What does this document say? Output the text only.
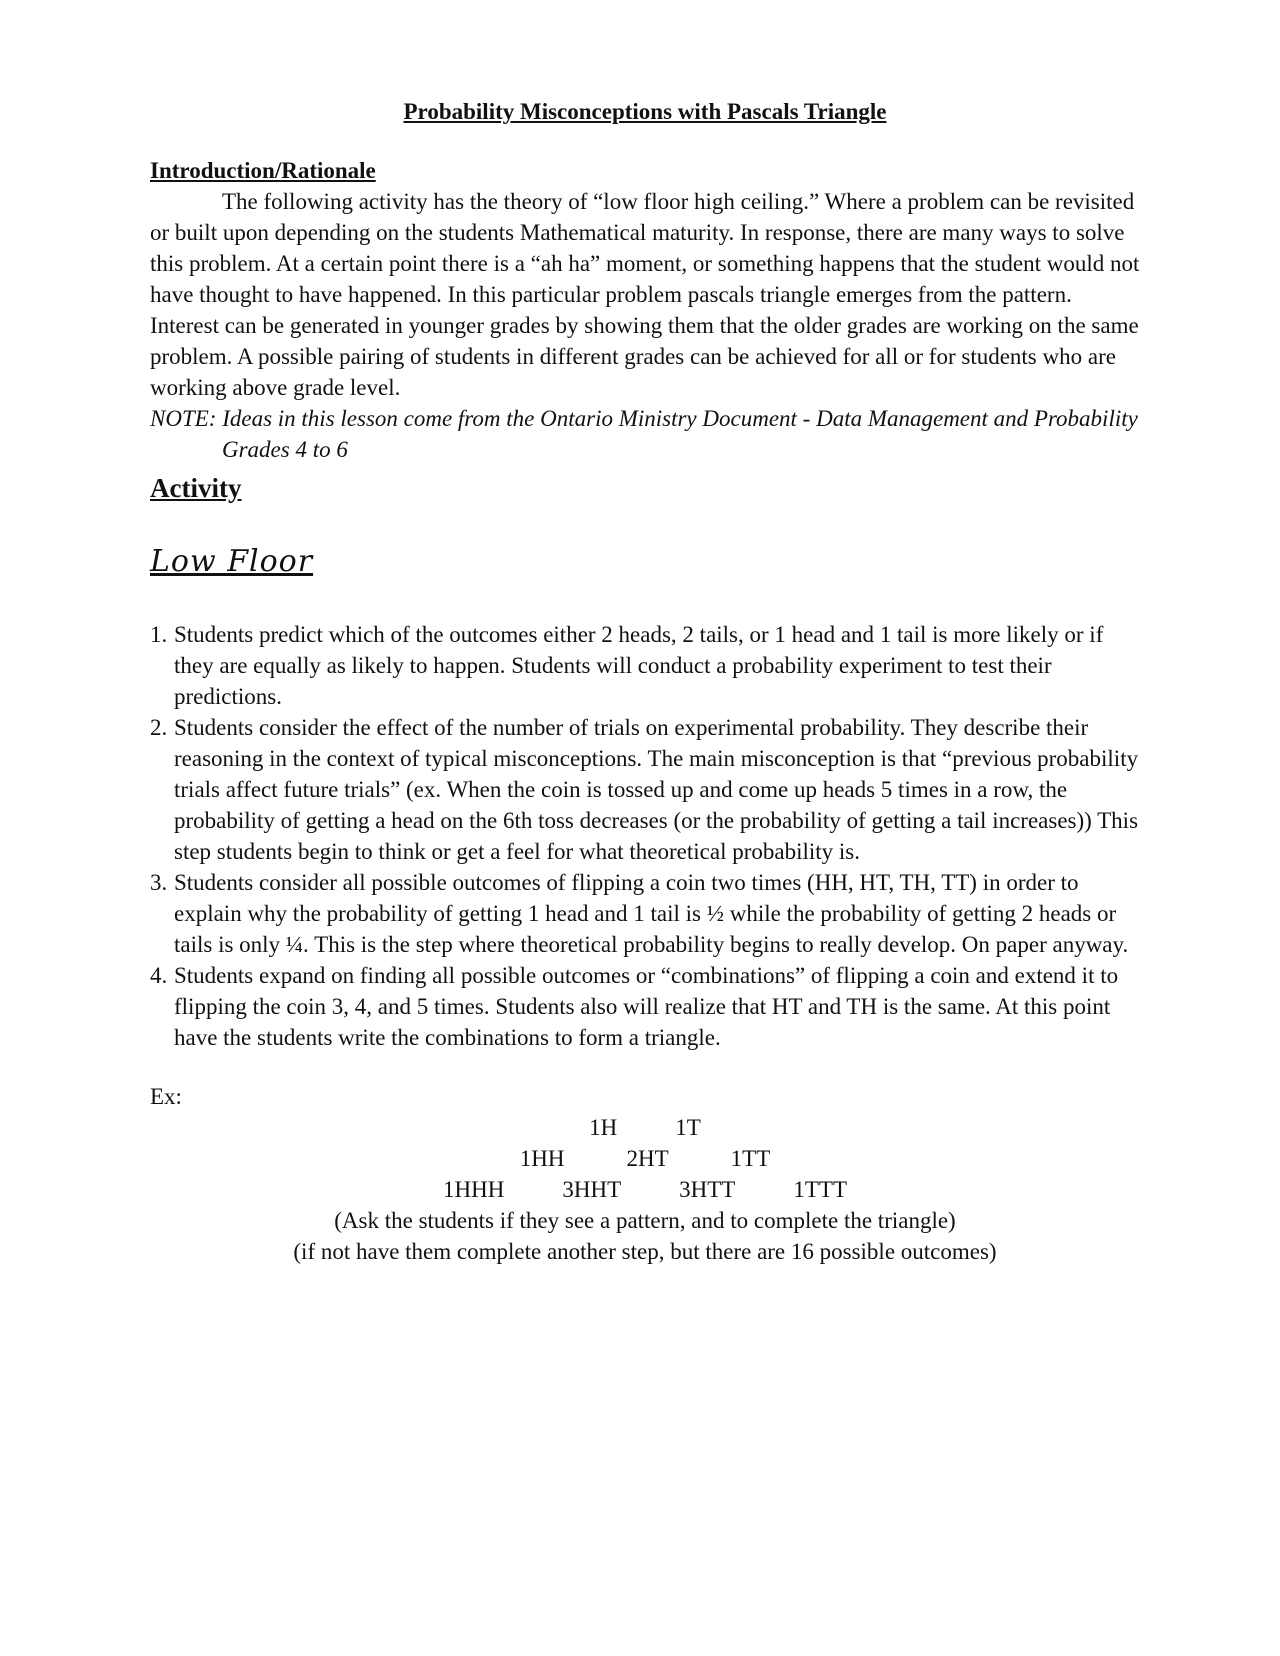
Probability Misconceptions with Pascals Triangle

Introduction/Rationale

The following activity has the theory of “low floor high ceiling.” Where a problem can be revisited or built upon depending on the students Mathematical maturity. In response, there are many ways to solve this problem. At a certain point there is a “ah ha” moment, or something happens that the student would not have thought to have happened. In this particular problem pascals triangle emerges from the pattern. Interest can be generated in younger grades by showing them that the older grades are working on the same problem. A possible pairing of students in different grades can be achieved for all or for students who are working above grade level.

NOTE: Ideas in this lesson come from the Ontario Ministry Document - Data Management and Probability Grades 4 to 6

Activity

Low Floor

1. Students predict which of the outcomes either 2 heads, 2 tails, or 1 head and 1 tail is more likely or if they are equally as likely to happen. Students will conduct a probability experiment to test their predictions.
2. Students consider the effect of the number of trials on experimental probability. They describe their reasoning in the context of typical misconceptions. The main misconception is that “previous probability trials affect future trials” (ex. When the coin is tossed up and come up heads 5 times in a row, the probability of getting a head on the 6th toss decreases (or the probability of getting a tail increases)) This step students begin to think or get a feel for what theoretical probability is.
3. Students consider all possible outcomes of flipping a coin two times (HH, HT, TH, TT) in order to explain why the probability of getting 1 head and 1 tail is ½ while the probability of getting 2 heads or tails is only ¼. This is the step where theoretical probability begins to really develop. On paper anyway.
4. Students expand on finding all possible outcomes or “combinations” of flipping a coin and extend it to flipping the coin 3, 4, and 5 times. Students also will realize that HT and TH is the same. At this point have the students write the combinations to form a triangle.

Ex:

1H	1T
1HH	2HT	1TT
1HHH	3HHT	3HTT	1TTT

(Ask the students if they see a pattern, and to complete the triangle)

(if not have them complete another step, but there are 16 possible outcomes)
